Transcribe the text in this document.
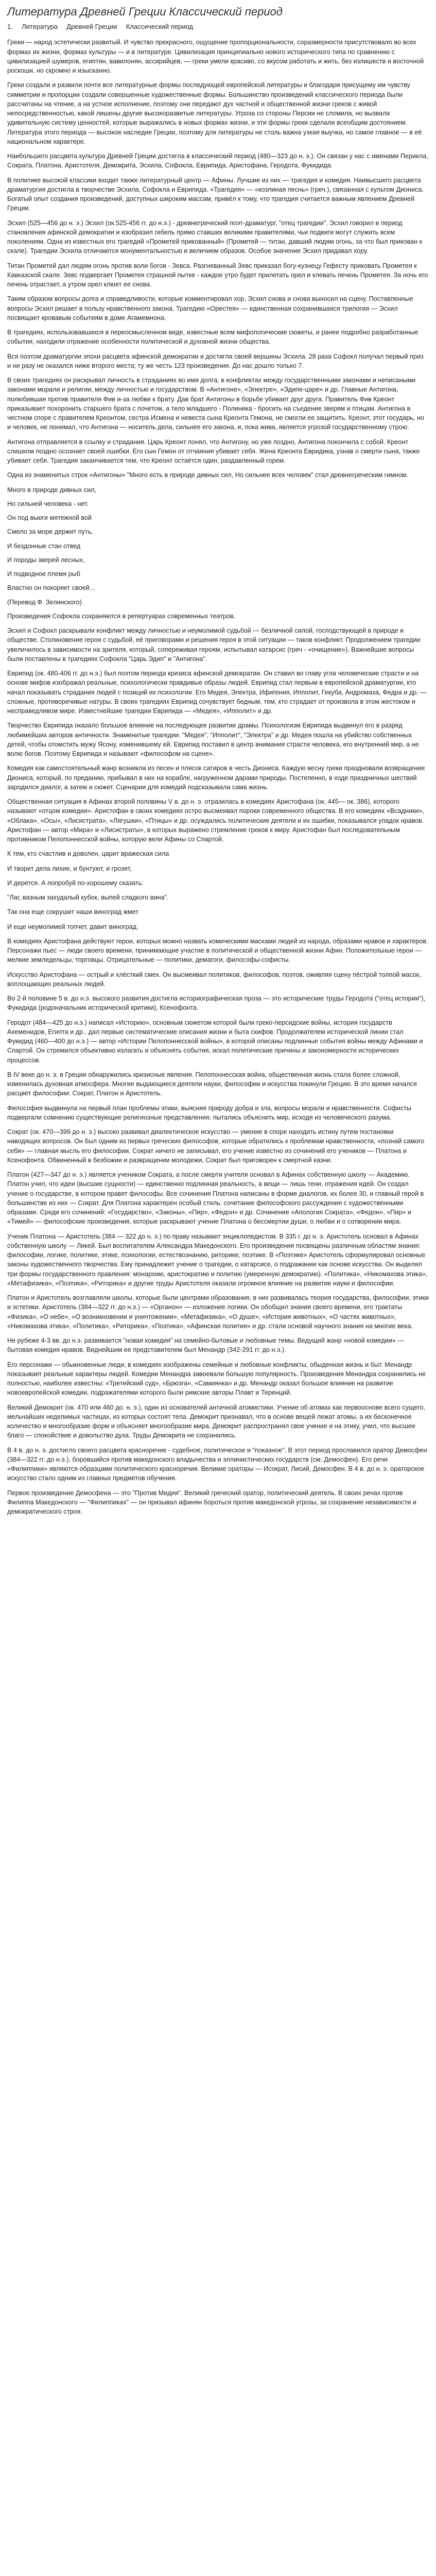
Литература Древней Греции Классический период
1. Литература Древней Греции Классический период

Греки — народ эстетически развитый. И чувство прекрасного, ощущение пропорциональности, соразмерности присутствовало во всех формах их жизни, формах культуры — и в литературе. Цивилизация принципиально нового исторического типа по сравнению с цивилизацией шумеров, египтян, вавилонян, ассирийцев, — греки умели красиво, со вкусом работать и жить, без излишеств и восточной роскоши, но скромно и изысканно.

Греки создали и развили почти все литературные формы последующей европейской литературы и благодаря присущему им чувству симметрии и пропорции создали совершенные художественные формы. Большинство произведений классического периода были рассчитаны на чтение, а на устное исполнение, поэтому они передают дух частной и общественной жизни греков с живой непосредственностью, какой лишены другие высокоразвитые литературы. Угроза со стороны Персии не сломила, но вызвала удивительную систему ценностей, которые выражались в новых формах жизни, и эти формы греки сделали всеобщим достоянием. Литература этого периода — высокое наследие Греции, поэтому для литературы не столь важна узкая выучка, но самое главное — в её национальном характере.

Наибольшего расцвета культура Древней Греции достигла в классический период (480—323 до н. э.). Он связан у нас с именами Перикла, Сократа, Платона, Аристотеля, Демокрита, Эсхила, Софокла, Еврипида, Аристофана, Геродота, Фукидида.

В политике высокой классики входит также литературный центр — Афины. Лучшие из них — трагедия и комедия. Наивысшего расцвета драматургия достигла в творчестве Эсхила, Софокла и Еврипида. «Трагедия» — «козлиная песнь» (греч.), связанная с культом Диониса. Богатый опыт создания произведений, доступных широким массам, привёл к тому, что трагедия считается важным явлением Древней Греции.

Эсхил (525—456 до н. э.) Эсхил (ок.525-456 гг. до н.э.) - древнегреческий поэт-драматург, "отец трагедии". Эсхил говорил в период становления афинской демократии и изобразил гибель прямо ставших великими правителями, чьи подвиги могут служить всем поколениям. Одна из известных его трагедий «Прометей прикованный» (Прометей — титан, давший людям огонь, за что был прикован к скале). Трагедии Эсхила отличаются монументальностью и величием образов. Особое значение Эсхил придавал хору.

Титан Прометей дал людям огонь против воли богов - Зевса. Разгневанный Зевс приказал богу-кузнецу Гефесту приковать Прометея к Кавказской скале. Зевс подвергает Прометея страшной пытке - каждое утро будет прилетать орел и клевать печень Прометея. За ночь его печень отрастает, а утром орел клюет ее снова.

Таким образом вопросы долга и справедливости, которые комментировал хор, Эсхил снова и снова выносил на сцену. Поставленные вопросы Эсхил решает в пользу нравственного закона. Трагедию «Орестея» — единственная сохранившаяся трилогия — Эсхил посвящает кровавым событиям в доме Агамемнона.

В трагедиях, использовавшихся в переосмысленном виде, известные всем мифологические сюжеты, и ранее подробно разработанные события, находили отражение особенности политической и духовной жизни общества.

Вся поэтом драматургии эпохи расцвета афинской демократии и достигла своей вершины Эсхила. 28 раза Софокл получал первый приз и ни разу не оказался ниже второго места; ту же честь 123 произведения. До нас дошло только 7.

В своих трагедиях он раскрывал личность в страданиях во имя долга, в конфликтах между государственными законами и неписаными законами морали и религии, между личностью и государством. В «Антигоне», «Электре», «Эдипе-царе» и др. Главные Антигона, полюбившая против правителя Фив и-за любви к брату. Дав брат Антигоны в борьбе убивает друг друга. Правитель Фив Креонт приказывает похоронить старшего брата с почетом, а тело младшего - Полиника - бросить на съедение зверям и птицам. Антигона в честном споре с правителем Креонтом, сестра Исмена и невеста сына Креонта Гемона, не смогли ее защитить. Креонт, этот государь, но и человек, не понимал, что Антигона — носитель дела, сильнее его закона, и, пока жива, является угрозой государственному строю.

Антигона отправляется в ссылку и страдания. Царь Креонт понял, что Антигону, но уже поздно, Антигона покончила с собой. Креонт слишком поздно осознает своей ошибки. Его сын Гемон от отчаяния убивает себя. Жена Креонта Евридика, узнав о смерти сына, также убивает себя. Трагедия заканчивается тем, что Креонт остаётся один, раздавленный горем.

Одна из знаменитых строк «Антигоны» "Много есть в природе дивных сил, Но сильнее всех человек" стал древнегреческим гимном.

Много в природе дивных сил,

Но сильней человека - нет.

Он под вьюги мятежной вой

Смело за море держит путь,

И бездонные стан отвед

И породы зверей лесных,

И подводное племя рыб

Властно он покоряет своей...

(Перевод Ф. Зелинского)

Произведения Софокла сохраняются в репертуарах современных театров.

Эсхил и Софокл раскрывали конфликт между личностью и неумолимой судьбой — безличной силой, господствующей в природе и обществе. Столкновение героя с судьбой, её приговорами и решения героя в этой ситуации — таков конфликт. Продолжением трагедии увеличилось в зависимости на зрителя, который, сопереживая героям, испытывал катарсис (греч - «очищение»). Важнейшие вопросы были поставлены в трагедиях Софокла "Царь Эдип" и "Антигона".

Еврипид (ок. 480-406 гг. до н.э.) был поэтом периода кризиса афинской демократии. Он ставил во главу угла человеческие страсти и на основе мифов изображал реальные, психологически правдивые образы людей. Еврипид стал первым в европейской драматургии, кто начал показывать страдания людей с позиций их психологии. Его Медея, Электра, Ифигения, Ипполит, Гекуба, Андромаха, Федра и др. — сложные, противоречивые натуры. В своих трагедиях Еврипид сочувствует бедным, тем, кто страдает от произвола в этом жестоком и несправедливом мире. Известнейшие трагедии Еврипида — «Медея», «Ипполит» и др.

Творчество Еврипида оказало большое влияние на последующее развитие драмы. Психологизм Еврипида выдвинул его в разряд любимейших авторов античности. Знаменитые трагедии: "Медея", "Ипполит", "Электра" и др. Медея пошла на убийство собственных детей, чтобы отомстить мужу Ясону, изменившему ей. Еврипид поставил в центр внимания страсти человека, его внутренний мир, а не волю богов. Поэтому Еврипида и называют «философом на сцене».

Комедия как самостоятельный жанр возникла из песен и плясок сатиров в честь Диониса. Каждую весну греки праздновали возвращение Диониса, который, по преданию, прибывал в них на корабле, нагруженном дарами природы. Постепенно, в ходе праздничных шествий зародился диалог, а затем и сюжет. Сценарии для комедий подсказывала сама жизнь.

Общественная ситуация в Афинах второй половины V в. до н. э. отразилась в комедиях Аристофана (ок. 445— ок. 386), которого называют «отцом комедии». Аристофан в своих комедиях остро высмеивал пороки современного общества. В его комедиях «Всадники», «Облака», «Осы», «Лисистрата», «Лягушки», «Птицы» и др. осуждались политические деятели и их ошибки, показывался упадок нравов. Аристофан — автор «Мира» и «Лисистраты», в которых выражено стремление греков к миру. Аристофан был последовательным противником Пелопоннесской войны, которую вели Афины со Спартой.

К тем, кто счастлив и доволен, царит вражеская сила

И творит дела лихие, и бунтуют, и грозят,

И дерется. А попробуй по-хорошему сказать:

"Лаг, вазным захудалый кубок, выпей сладкого вина".

Так она еще сокрушит наши виноград жмет

И еще неумолимей топчет, давит виноград.

В комедиях Аристофана действуют герои, которых можно назвать комическими масками людей из народа, образами нравов и характеров. Персонажи пьес — люди своего времени, принимающие участие в политической и общественной жизни Афин. Положительные герои — мелкие земледельцы, торговцы. Отрицательные — политики, демагоги, философы-софисты.

Искусство Аристофана — острый и хлёсткий смех. Он высмеивал политиков, философов, поэтов, оживляя сцену пёстрой толпой масок, воплощающих реальных людей.

Во 2-й половине 5 в. до н.э. высокого развития достигла историографическая проза — это исторические труды Геродота ("отец истории"), Фукидида (родоначальник исторической критики), Ксенофонта.

Геродот (484—425 до н.э.) написал «Историю», основным сюжетом которой были греко-персидские войны, история государств Ахеменидов, Египта и др.. дал первые систематические описания жизни и быта скифов. Продолжателем исторической линии стал Фукидид (460—400 до н.э.) — автор «Истории Пелопоннесской войны», в которой описаны подлинные события войны между Афинами и Спартой. Он стремился объективно излагать и объяснять события, искал политические причины и закономерности исторических процессов.

В IV веке до н. э. в Греции обнаружились кризисные явления. Пелопоннесская война, общественная жизнь стала более сложной, изменилась духовная атмосфера. Многие выдающиеся деятели науки, философии и искусства покинули Грецию. В это время начался расцвет философии: Сократ, Платон и Аристотель.

Философия выдвинула на первый план проблемы этики, выясняя природу добра и зла, вопросы морали и нравственности. Софисты подвергали сомнению существующие религиозные представления, пытались объяснить мир, исходя из человеческого разума.

Сократ (ок. 470—399 до н. э.) высоко развивал диалектическое искусство — умение в споре находить истину путем постановки наводящих вопросов. Он был одним из первых греческих философов, которые обратились к проблемам нравственности, «познай самого себя» — главная мысль его философии. Сократ ничего не записывал, его учение известно из сочинений его учеников — Платона и Ксенофонта. Обвиненный в безбожии и развращении молодежи, Сократ был приговорен к смертной казни.

Платон (427—347 до н. э.) является учеником Сократа, а после смерти учителя основал в Афинах собственную школу — Академию. Платон учил, что идеи (высшие сущности) — единственно подлинная реальность, а вещи — лишь тени, отражения идей. Он создал учение о государстве, в котором правят философы. Все сочинения Платона написаны в форме диалогов, их более 30, и главный герой в большинстве из них — Сократ. Для Платона характерен особый стиль: сочетание философского рассуждения с художественными образами. Среди его сочинений: «Государство», «Законы», «Пир», «Федон» и др. Сочинение «Апология Сократа», «Федон», «Пир» и «Тимей» — философские произведения, которые раскрывают учение Платона о бессмертии души, о любви и о сотворении мира.

Ученик Платона — Аристотель (384 — 322 до н. э.) по праву называют энциклопедистом. В 335 г. до н. э. Аристотель основал в Афинах собственную школу — Ликей. Был воспитателем Александра Македонского. Его произведения посвящены различным областям знания: философии, логике, политике, этике, психологии, естествознанию, риторике, поэтике. В «Поэтике» Аристотель сформулировал основные законы художественного творчества. Ему принадлежит учение о трагедии, о катарсисе, о подражании как основе искусства. Он выделял три формы государственного правления: монархию, аристократию и политию (умеренную демократию). «Политика», «Никомахова этика», «Метафизика», «Поэтика», «Риторика» и другие труды Аристотеля оказали огромное влияние на развитие науки и философии.

Платон и Аристотель возглавляли школы, которые были центрами образования, в них развивалась теория государства, философии, этики и эстетики. Аристотель (384—322 гг. до н.э.) — «Органон» — изложение логики. Он обобщил знания своего времени, его трактаты «Физика», «О небе», «О возникновении и уничтожении», «Метафизика», «О душе», «История животных», «О частях животных», «Никомахова этика», «Политика», «Риторика», «Поэтика», «Афинская полития» и др. стали основой научного знания на многие века.

Не рубеже 4-3 вв. до н.э. развивается "новая комедия" на семейно-бытовые и любовные темы. Ведущий жанр «новой комедии» — бытовая комедия нравов. Виднейшим ее представителем был Менандр (342-291 гг. до н.э.).

Его персонажи — обыкновенные люди, в комедиях изображены семейные и любовные конфликты, обыденная жизнь и быт. Менандр показывает реальные характеры людей. Комедии Менандра завоевали большую популярность. Произведения Менандра сохранились не полностью, наиболее известны: «Третейский суд», «Брюзга», «Самиянка» и др. Менандр оказал большое влияние на развитие новоевропейской комедии, подражателями которого были римские авторы Плавт и Теренций.

Великий Демокрит (ок. 470 или 460 до. н. э.), один из основателей античной атомистики. Учение об атомах как первооснове всего сущего, мельчайших неделимых частицах, из которых состоят тела. Демокрит признавал, что в основе вещей лежат атомы, а их бесконечное количество и многообразие форм и объясняет многообразие мира. Демокрит распространял свое учение и на этику, учил, что высшее благо — спокойствие и довольство духа. Труды Демокрита не сохранились.

В 4 в. до н. э. достигло своего расцвета красноречие - судебное, политическое и "показное". В этот период прославился оратор Демосфен (384—322 гг. до н.э.), боровшийся против македонского владычества и эллинистических государств (см. Демосфен). Его речи «Филиппики» являются образцами политического красноречия. Великие ораторы — Исократ, Лисий, Демосфен. В 4 в. до н. э. ораторское искусство стало одним из главных предметов обучения.

Первое произведение Демосфена — это "Против Мидия". Великий греческий оратор, политический деятель. В своих речах против Филиппа Македонского — "Филиппиках" — он призывал афинян бороться против македонской угрозы, за сохранение независимости и демократического строя.
